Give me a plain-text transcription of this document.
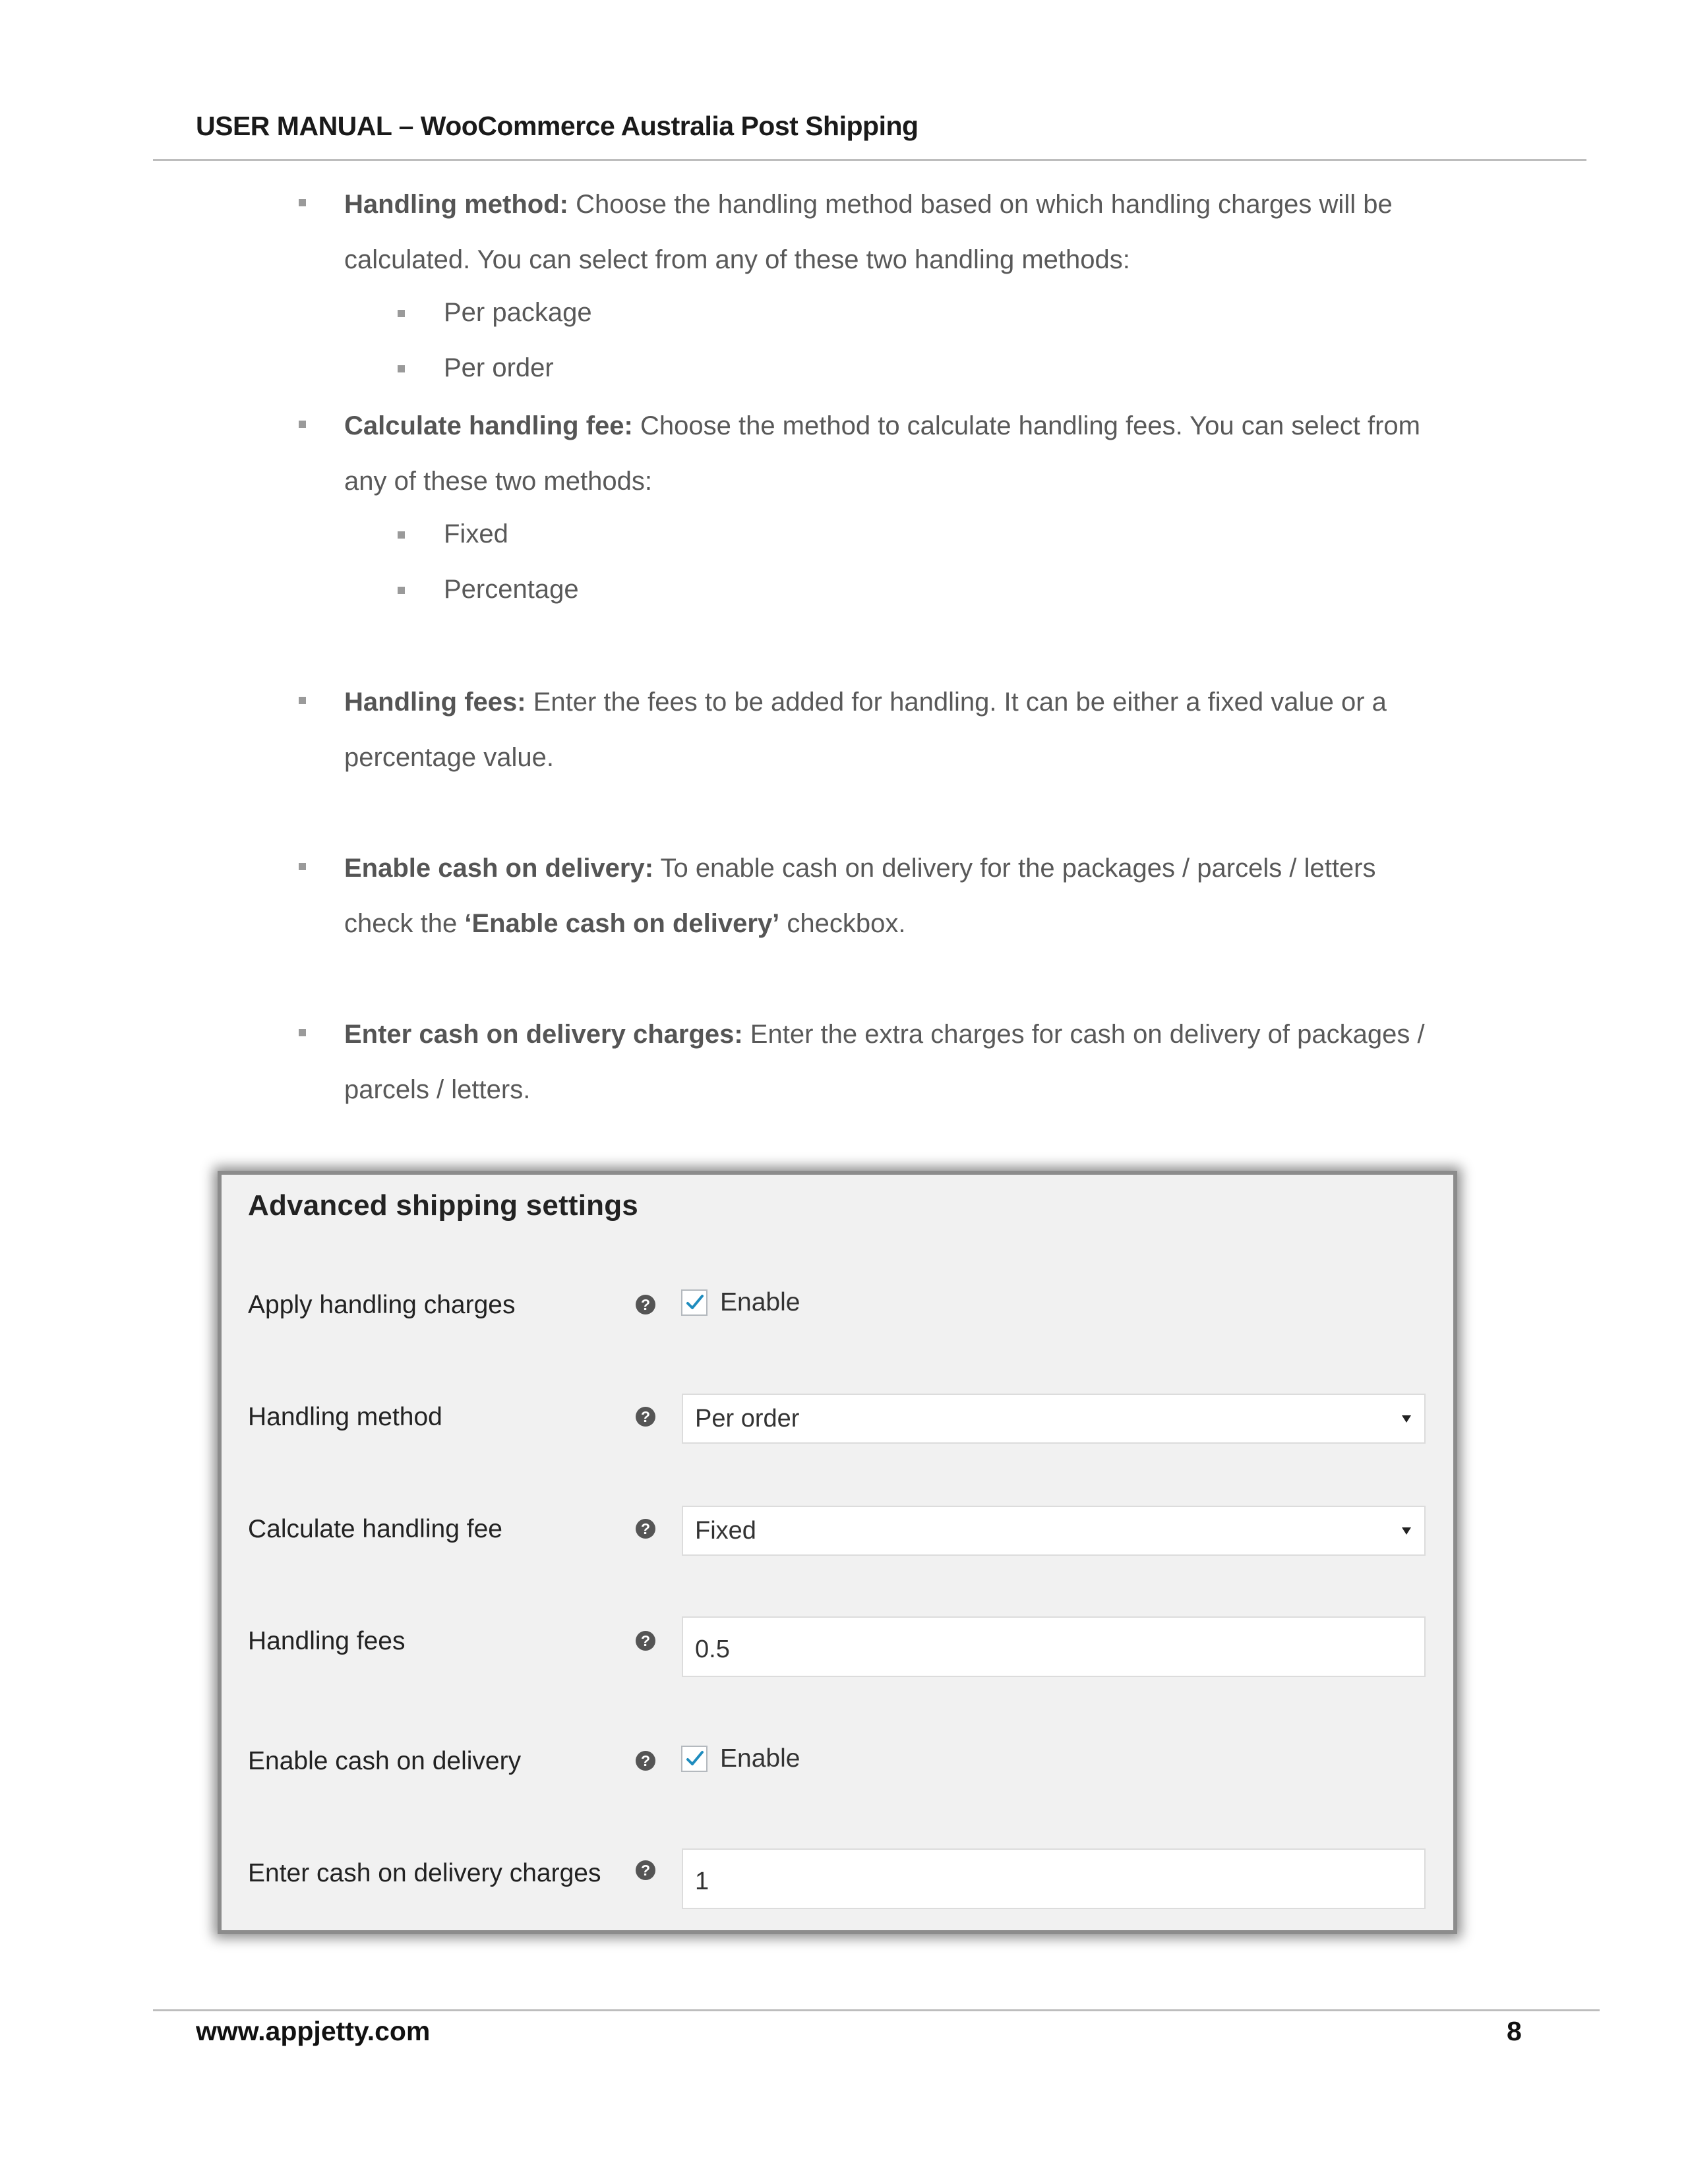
USER MANUAL – WooCommerce Australia Post Shipping
Handling method: Choose the handling method based on which handling charges will be
calculated. You can select from any of these two handling methods:
Per package
Per order
Calculate handling fee: Choose the method to calculate handling fees. You can select from
any of these two methods:
Fixed
Percentage
Handling fees: Enter the fees to be added for handling. It can be either a fixed value or a
percentage value.
Enable cash on delivery: To enable cash on delivery for the packages / parcels / letters
check the ‘Enable cash on delivery’ checkbox.
Enter cash on delivery charges: Enter the extra charges for cash on delivery of packages /
parcels / letters.
Advanced shipping settings
Apply handling charges	?	Enable
Handling method	? Per order
Calculate handling fee	? Fixed
Handling fees	? 0.5
Enable cash on delivery	?	Enable
Enter cash on delivery charges	? 1
www.appjetty.com	8
